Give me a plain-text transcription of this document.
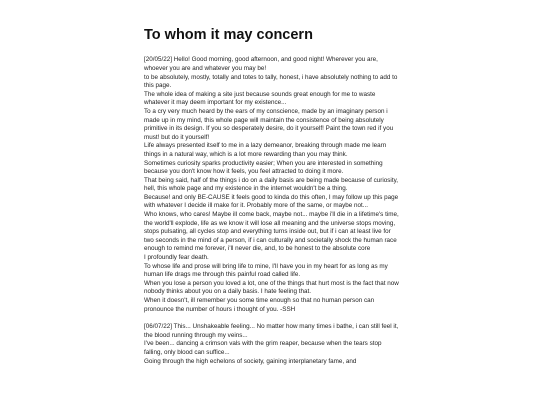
To whom it may concern
[20/05/22] Hello! Good morning, good afternoon, and good night! Wherever you are, whoever you are and whatever you may be!
to be absolutely, mostly, totally and totes to tally, honest, i have absolutely nothing to add to this page.
The whole idea of making a site just because sounds great enough for me to waste whatever it may deem important for my existence...
To a cry very much heard by the ears of my conscience, made by an imaginary person i made up in my mind, this whole page will maintain the consistence of being absolutely primitive in its design. If you so desperately desire, do it yourself! Paint the town red if you must! but do it yourself!
Life always presented itself to me in a lazy demeanor, breaking through made me learn things in a natural way, which is a lot more rewarding than you may think.
Sometimes curiosity sparks productivity easier; When you are interested in something because you don't know how it feels, you feel attracted to doing it more.
That being said, half of the things i do on a daily basis are being made because of curiosity, hell, this whole page and my existence in the internet wouldn't be a thing.
Because! and only BE-CAUSE it feels good to kinda do this often, I may follow up this page with whatever I decide ill make for it. Probably more of the same, or maybe not...
Who knows, who cares! Maybe ill come back, maybe not... maybe i'll die in a lifetime's time, the world'll explode, life as we know it will lose all meaning and the universe stops moving, stops pulsating, all cycles stop and everything turns inside out, but if i can at least live for two seconds in the mind of a person, if i can culturally and societally shock the human race enough to remind me forever, i'll never die, and, to be honest to the absolute core
I profoundly fear death.
To whose life and prose will bring life to mine, I'll have you in my heart for as long as my human life drags me through this painful road called life.
When you lose a person you loved a lot, one of the things that hurt most is the fact that now nobody thinks about you on a daily basis. I hate feeling that.
When it doesn't, ill remember you some time enough so that no human person can pronounce the number of hours i thought of you. -SSH
[06/07/22] This... Unshakeable feeling... No matter how many times i bathe, i can still feel it, the blood running through my veins...
I've been... dancing a crimson vals with the grim reaper, because when the tears stop falling, only blood can suffice...
Going through the high echelons of society, gaining interplanetary fame, and
